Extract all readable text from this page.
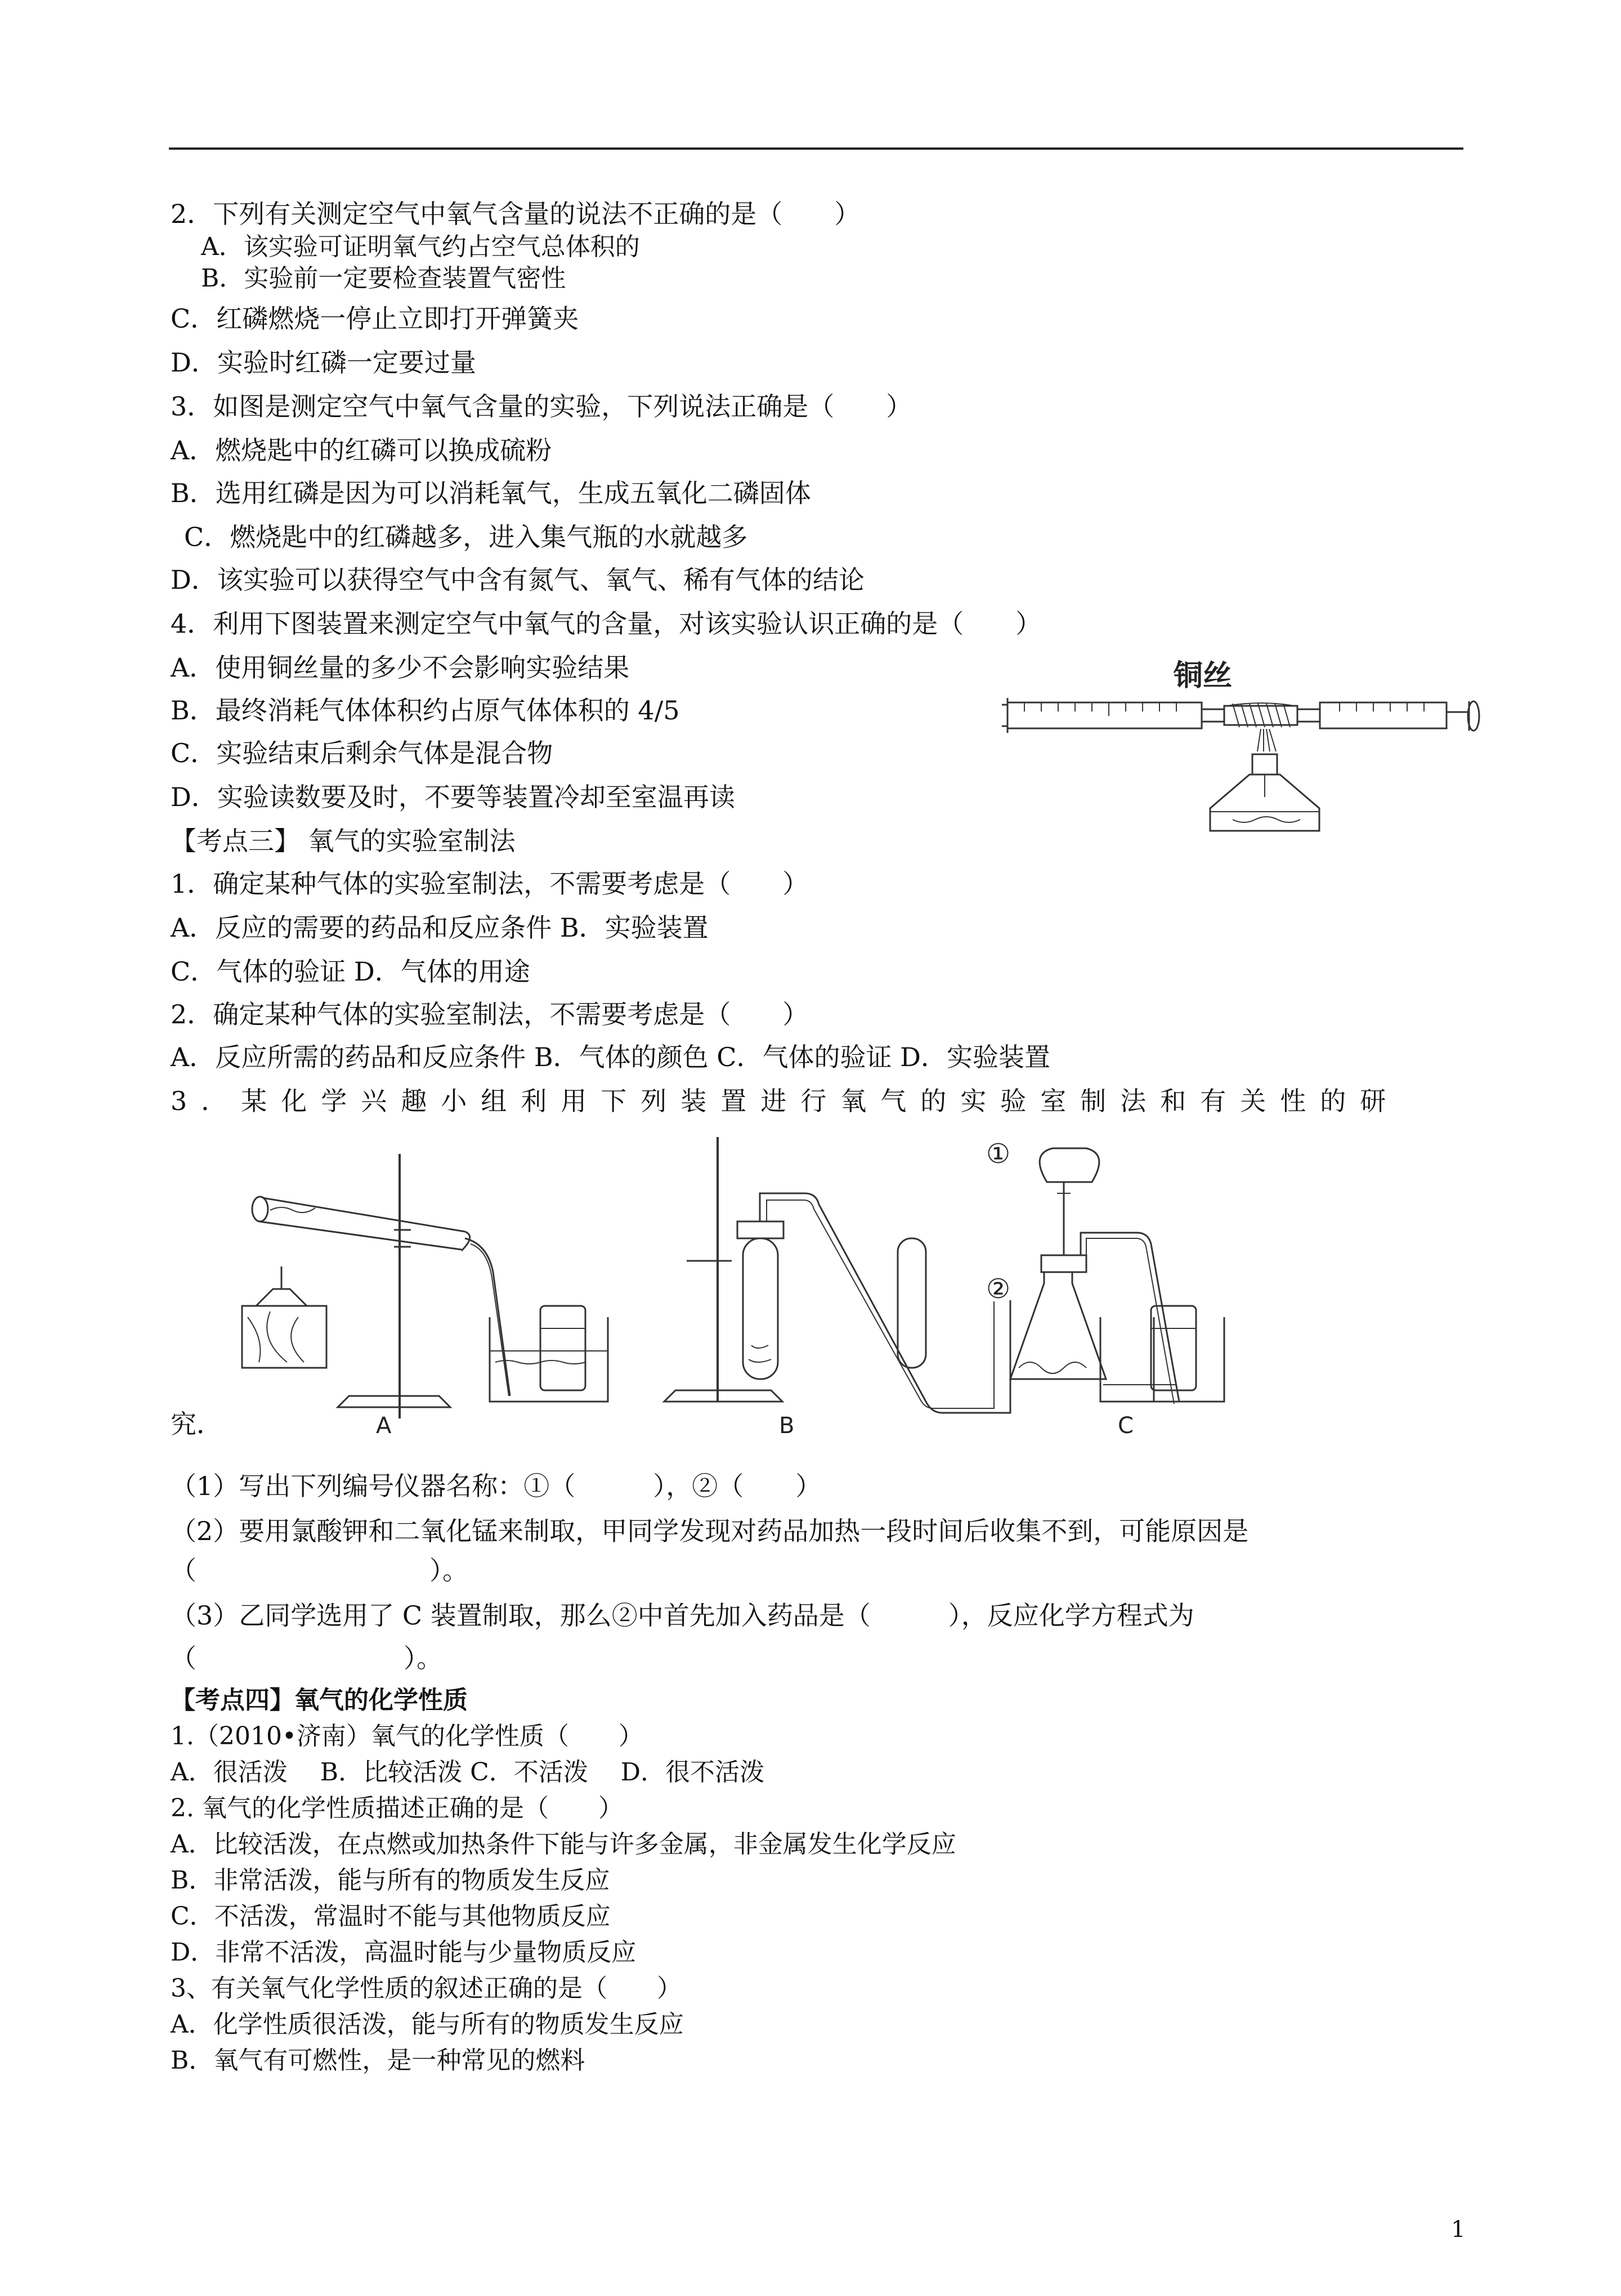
2．下列有关测定空气中氧气含量的说法不正确的是（　　）
A．该实验可证明氧气约占空气总体积的
B．实验前一定要检查装置气密性
C．红磷燃烧一停止立即打开弹簧夹
D．实验时红磷一定要过量
3．如图是测定空气中氧气含量的实验，下列说法正确是（　　）
A．燃烧匙中的红磷可以换成硫粉
B．选用红磷是因为可以消耗氧气，生成五氧化二磷固体
C．燃烧匙中的红磷越多，进入集气瓶的水就越多
D．该实验可以获得空气中含有氮气、氧气、稀有气体的结论
4．利用下图装置来测定空气中氧气的含量，对该实验认识正确的是（　　）
A．使用铜丝量的多少不会影响实验结果
B．最终消耗气体体积约占原气体体积的 4/5
C．实验结束后剩余气体是混合物
D．实验读数要及时，不要等装置冷却至室温再读
铜丝
【考点三】 氧气的实验室制法
1．确定某种气体的实验室制法，不需要考虑是（　　）
A．反应的需要的药品和反应条件 B．实验装置
C．气体的验证 D．气体的用途
2．确定某种气体的实验室制法，不需要考虑是（　　）
A．反应所需的药品和反应条件 B．气体的颜色 C．气体的验证 D．实验装置
3．某化学兴趣小组利用下列装置进行氧气的实验室制法和有关性的研
A	B	C
①
②
究．
（1）写出下列编号仪器名称：①（　　　），②（　　）
（2）要用氯酸钾和二氧化锰来制取，甲同学发现对药品加热一段时间后收集不到，可能原因是
（　　　　　　　　　）。
（3）乙同学选用了 C 装置制取，那么②中首先加入药品是（　　　），反应化学方程式为
（　　　　　　　　）。
【考点四】氧气的化学性质
1.（2010•济南）氧气的化学性质（　　）
A．很活泼　 B．比较活泼 C．不活泼　 D．很不活泼
2. 氧气的化学性质描述正确的是（　　）
A．比较活泼，在点燃或加热条件下能与许多金属，非金属发生化学反应
B．非常活泼，能与所有的物质发生反应
C．不活泼，常温时不能与其他物质反应
D．非常不活泼，高温时能与少量物质反应
3、有关氧气化学性质的叙述正确的是（　　）
A．化学性质很活泼，能与所有的物质发生反应
B．氧气有可燃性，是一种常见的燃料
1
